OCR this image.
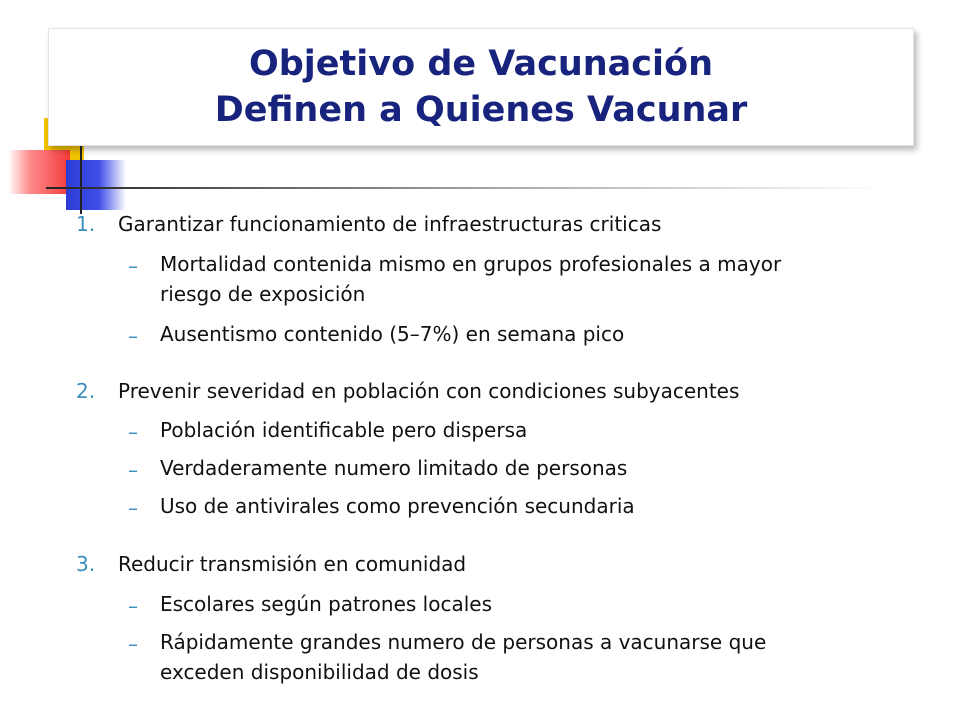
Objetivo de Vacunación
Definen a Quienes Vacunar
1. Garantizar funcionamiento de infraestructuras criticas
– Mortalidad contenida mismo en grupos profesionales a mayor
riesgo de exposición
– Ausentismo contenido (5–7%) en semana pico
2. Prevenir severidad en población con condiciones subyacentes
– Población identificable pero dispersa
– Verdaderamente numero limitado de personas
– Uso de antivirales como prevención secundaria
3. Reducir transmisión en comunidad
– Escolares según patrones locales
– Rápidamente grandes numero de personas a vacunarse que
exceden disponibilidad de dosis
